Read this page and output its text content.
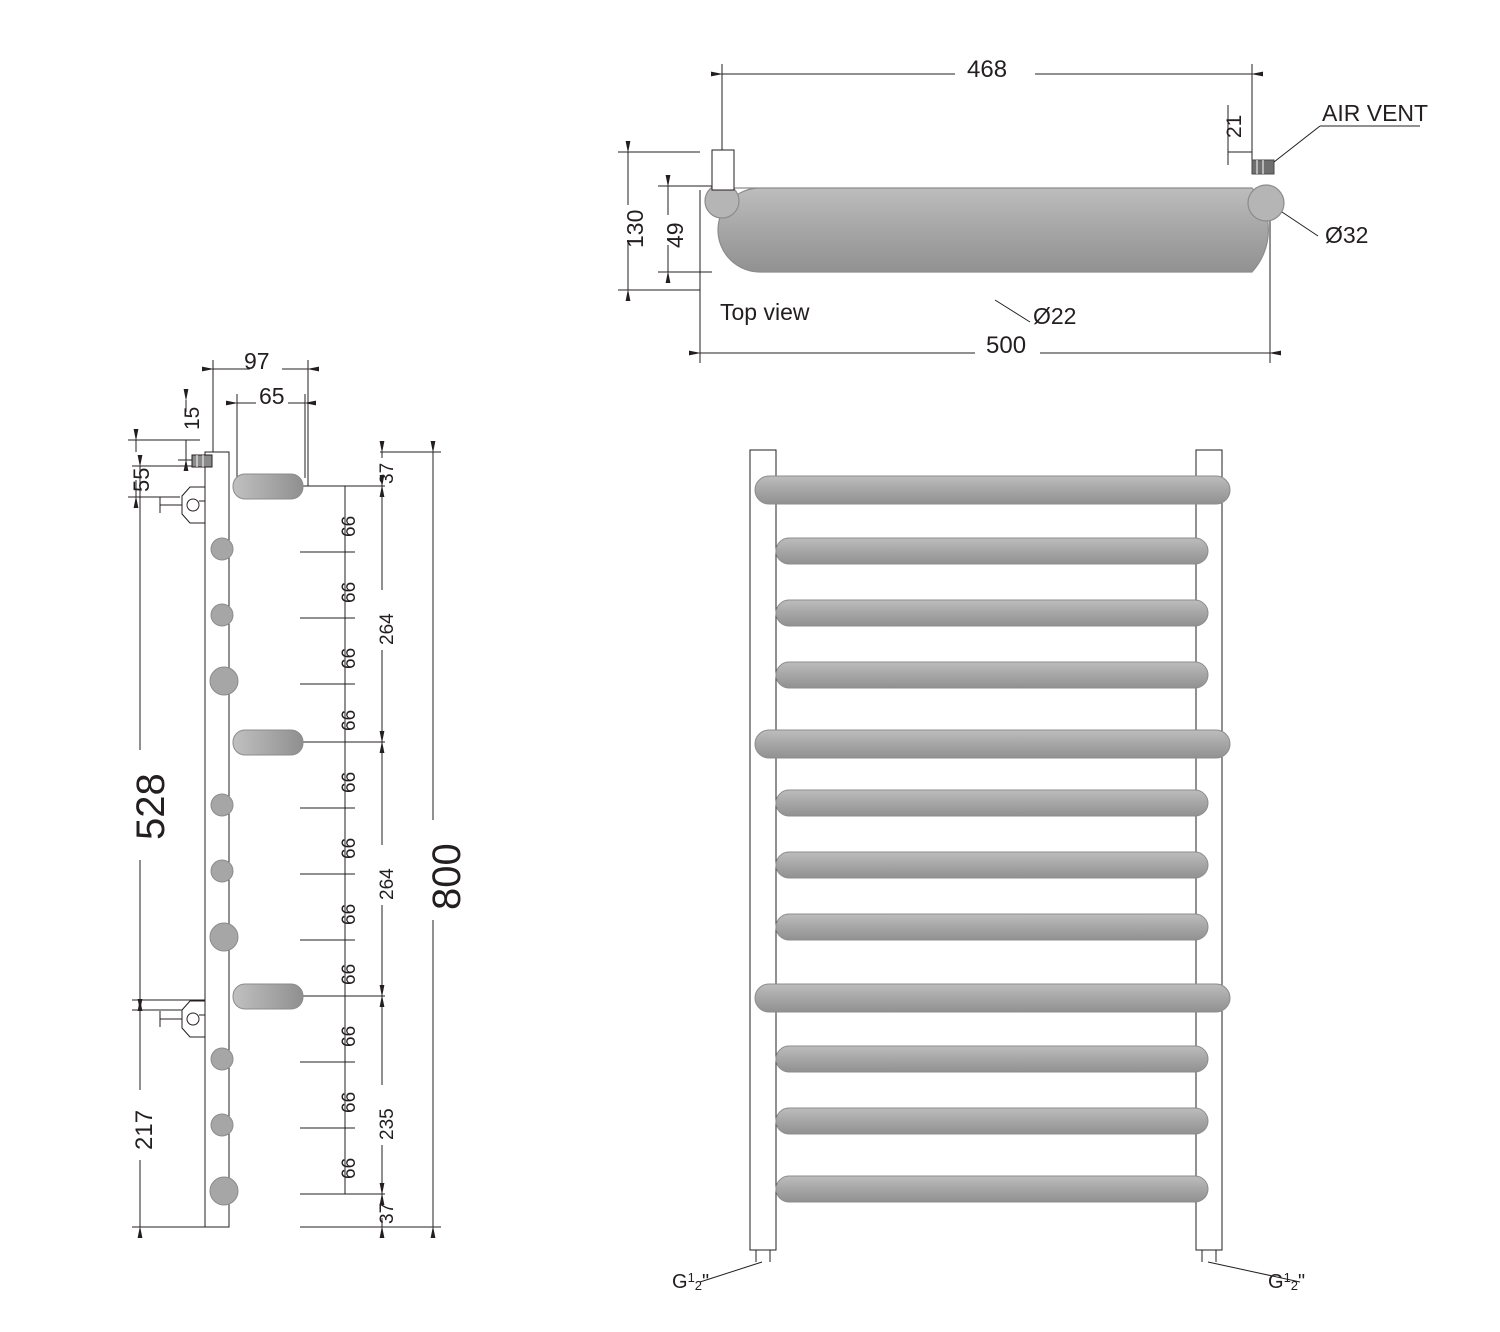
468
500
130 49
21
AIR VENT
Ø32
Ø22
Top view
97
65
15
55
528
217
800
37
37
264
264
235
66
66
66
66
66
66
66
66
66
66
66
$G^1_2$"	$G^1_2$"
